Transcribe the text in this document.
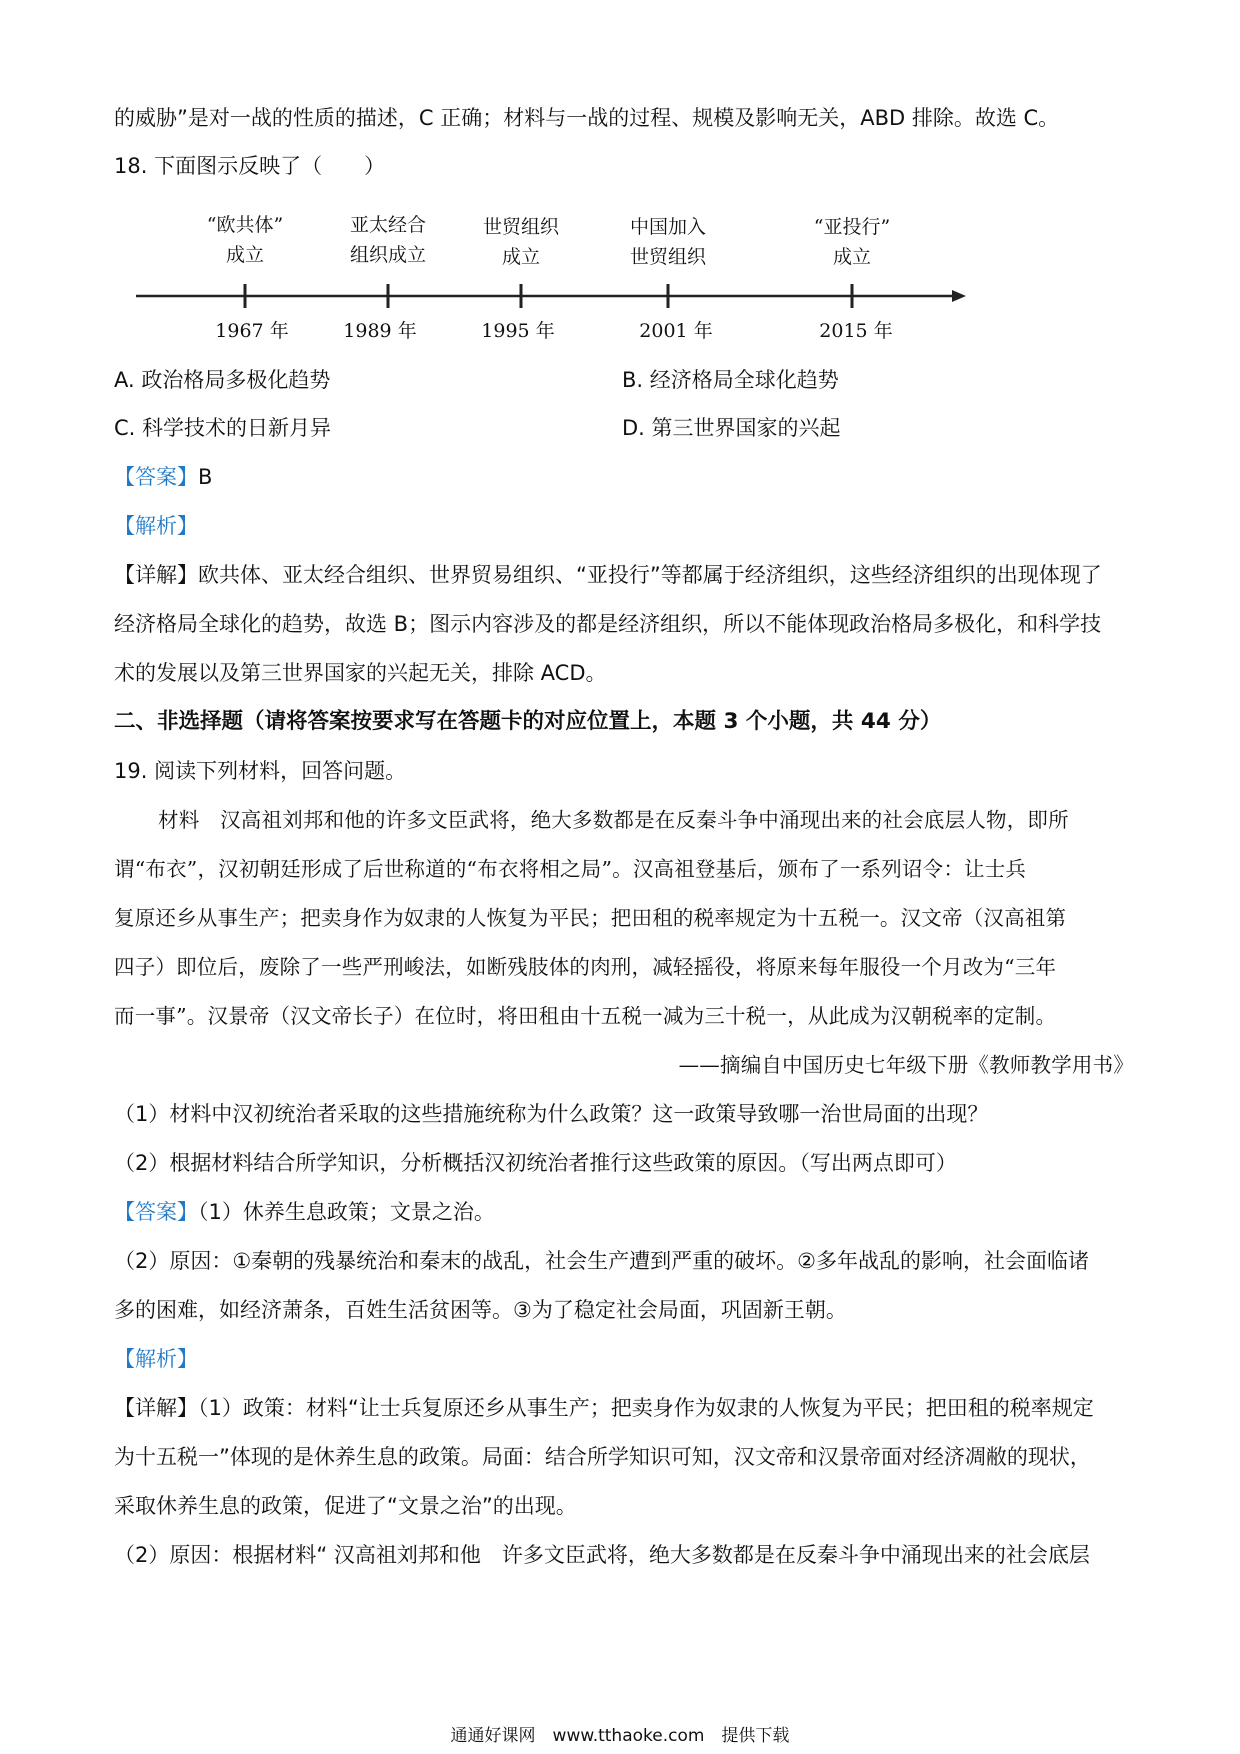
的威胁”是对一战的性质的描述，C 正确；材料与一战的过程、规模及影响无关，ABD 排除。故选 C。
18. 下面图示反映了（　　）
“欧共体”
成立
亚太经合
组织成立
世贸组织
成立
中国加入
世贸组织
“亚投行”
成立
1967 年	1989 年	1995 年	2001 年	2015 年
A. 政治格局多极化趋势	B. 经济格局全球化趋势
C. 科学技术的日新月异	D. 第三世界国家的兴起
【答案】B
【解析】
【详解】欧共体、亚太经合组织、世界贸易组织、“亚投行”等都属于经济组织，这些经济组织的出现体现了
经济格局全球化的趋势，故选 B；图示内容涉及的都是经济组织，所以不能体现政治格局多极化，和科学技
术的发展以及第三世界国家的兴起无关，排除 ACD。
二、非选择题（请将答案按要求写在答题卡的对应位置上，本题 3 个小题，共 44 分）
19. 阅读下列材料，回答问题。
材料　汉高祖刘邦和他的许多文臣武将，绝大多数都是在反秦斗争中涌现出来的社会底层人物，即所
谓“布衣”，汉初朝廷形成了后世称道的“布衣将相之局”。汉高祖登基后，颁布了一系列诏令：让士兵
复原还乡从事生产；把卖身作为奴隶的人恢复为平民；把田租的税率规定为十五税一。汉文帝（汉高祖第
四子）即位后，废除了一些严刑峻法，如断残肢体的肉刑，减轻摇役，将原来每年服役一个月改为“三年
而一事”。汉景帝（汉文帝长子）在位时，将田租由十五税一减为三十税一，从此成为汉朝税率的定制。
——摘编自中国历史七年级下册《教师教学用书》
（1）材料中汉初统治者采取的这些措施统称为什么政策？这一政策导致哪一治世局面的出现？
（2）根据材料结合所学知识，分析概括汉初统治者推行这些政策的原因。（写出两点即可）
【答案】（1）休养生息政策；文景之治。
（2）原因：①秦朝的残暴统治和秦末的战乱，社会生产遭到严重的破坏。②多年战乱的影响，社会面临诸
多的困难，如经济萧条，百姓生活贫困等。③为了稳定社会局面，巩固新王朝。
【解析】
【详解】（1）政策：材料“让士兵复原还乡从事生产；把卖身作为奴隶的人恢复为平民；把田租的税率规定
为十五税一”体现的是休养生息的政策。局面：结合所学知识可知，汉文帝和汉景帝面对经济凋敝的现状，
采取休养生息的政策，促进了“文景之治”的出现。
（2）原因：根据材料“ 汉高祖刘邦和他　许多文臣武将，绝大多数都是在反秦斗争中涌现出来的社会底层
通通好课网　www.tthaoke.com　提供下载
